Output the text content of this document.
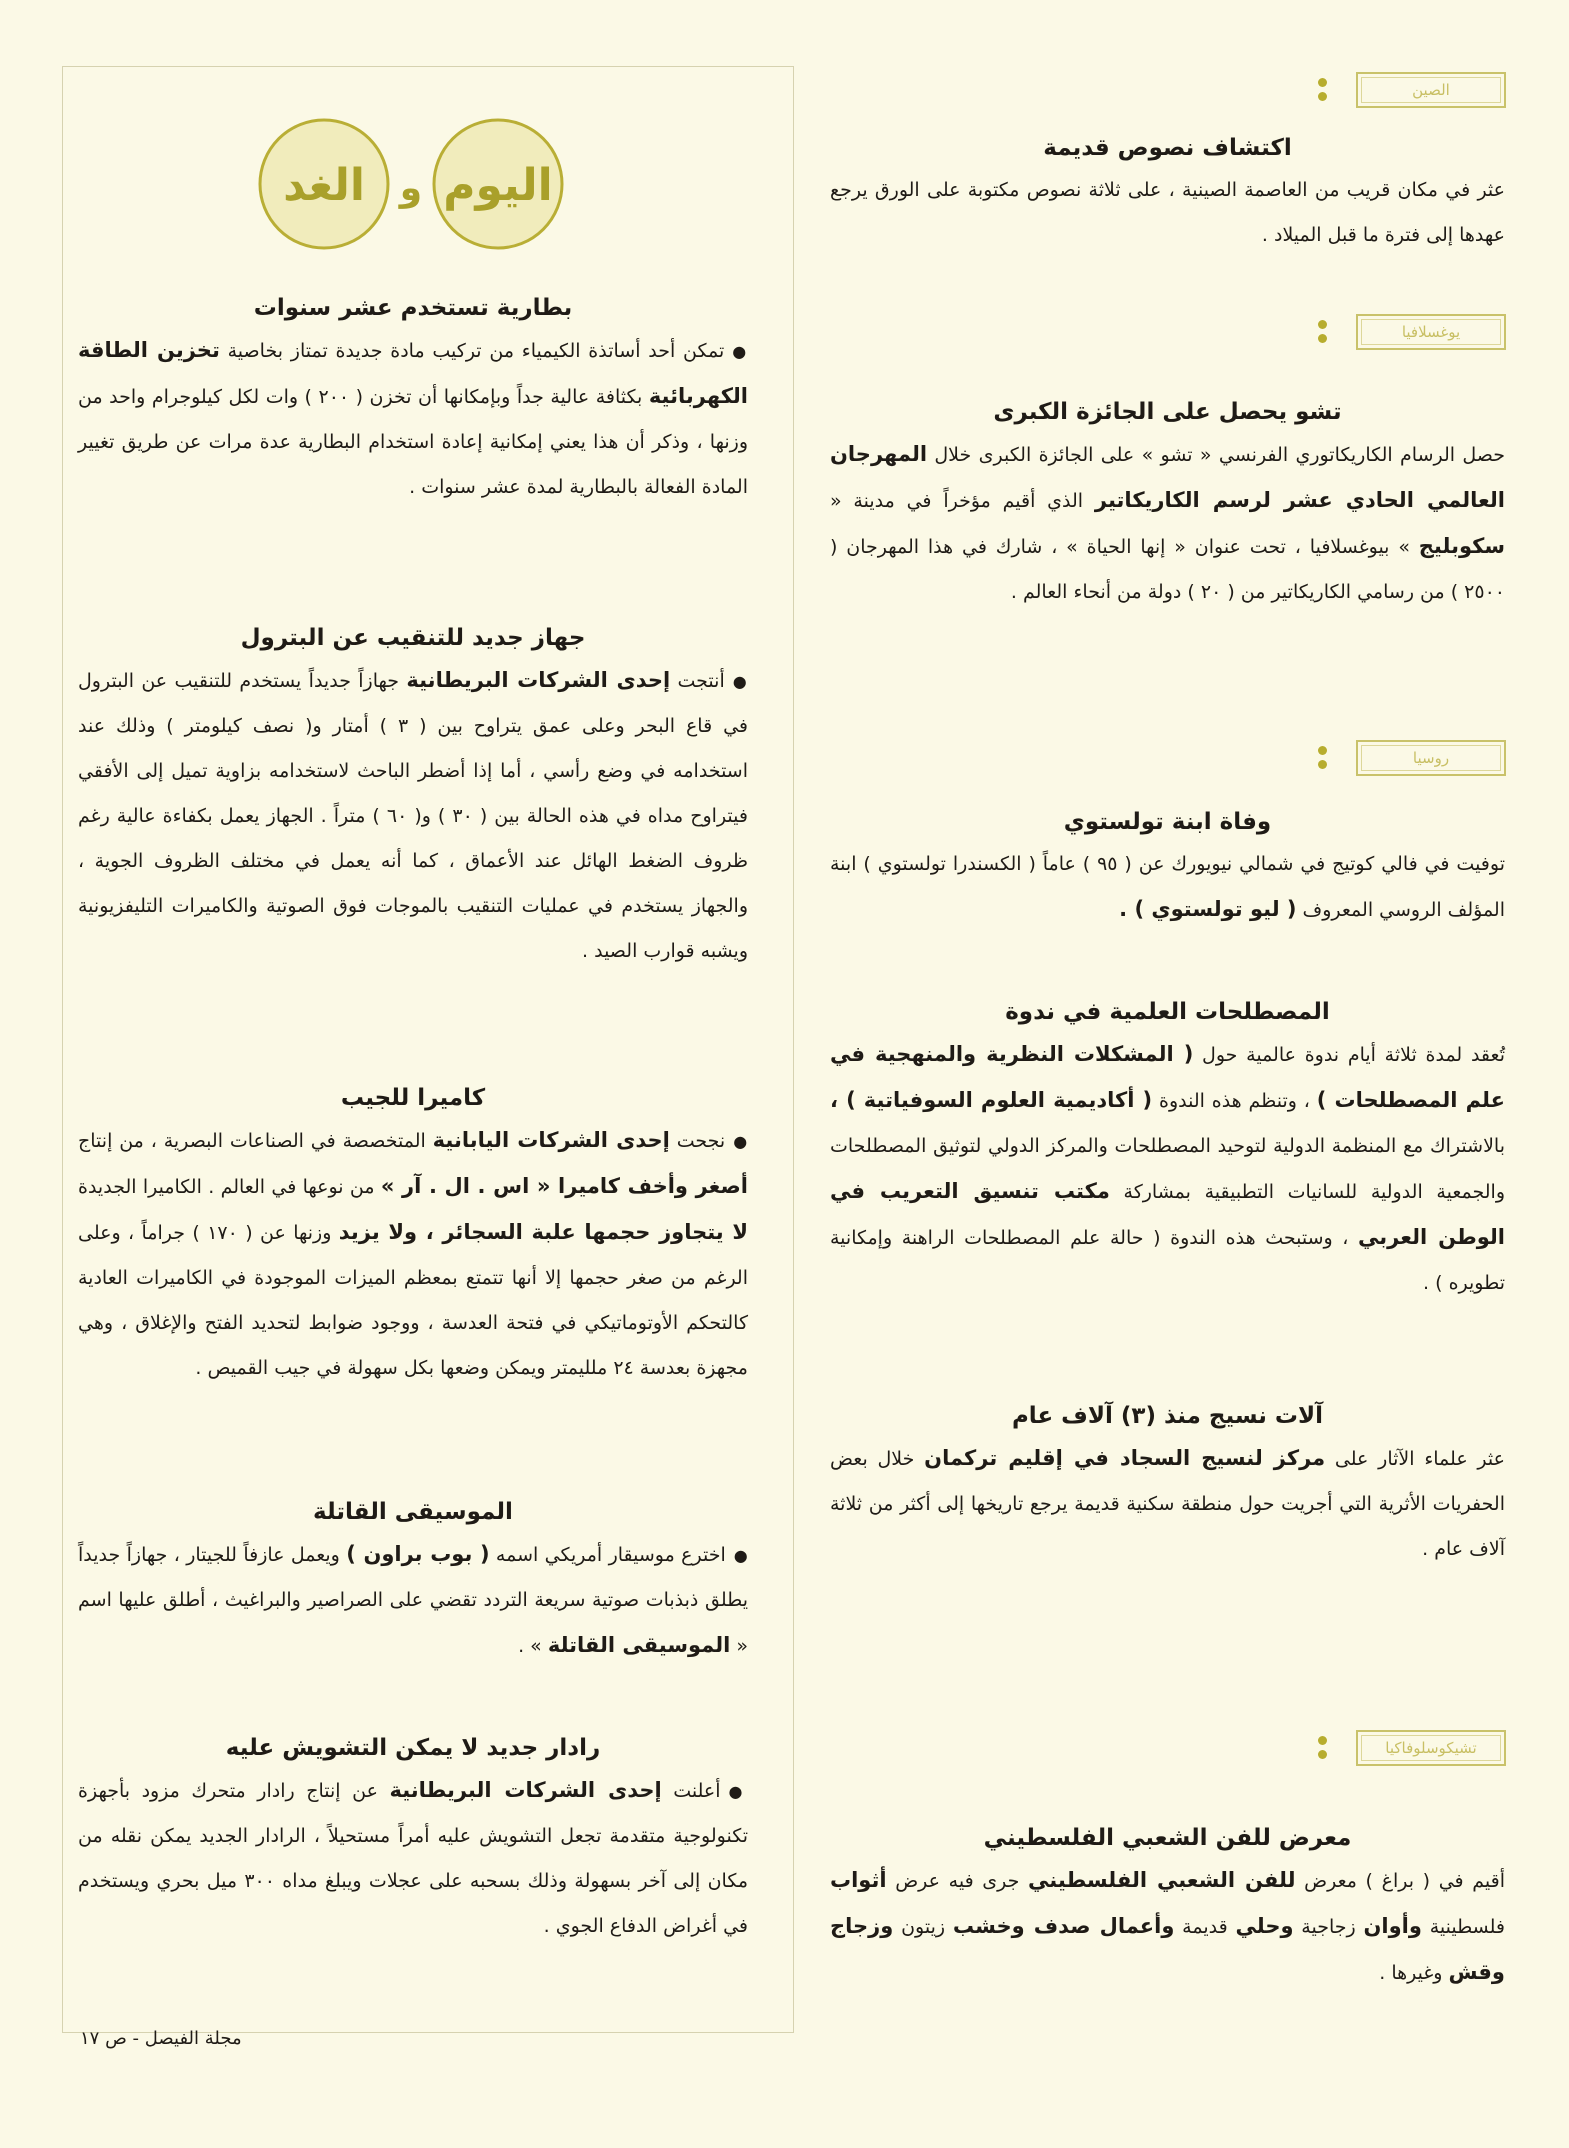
اليوم
و
الغد
الصين
يوغسلافيا
روسيا
تشيكوسلوفاكيا
اكتشاف نصوص قديمة

عثر في مكان قريب من العاصمة الصينية ، على ثلاثة نصوص مكتوبة على الورق يرجع عهدها إلى فترة ما قبل الميلاد .

تشو يحصل على الجائزة الكبرى

حصل الرسام الكاريكاتوري الفرنسي « تشو » على الجائزة الكبرى خلال المهرجان العالمي الحادي عشر لرسم الكاريكاتير الذي أقيم مؤخراً في مدينة « سكوبليج » بيوغسلافيا ، تحت عنوان « إنها الحياة » ، شارك في هذا المهرجان ( ٢٥٠٠ ) من رسامي الكاريكاتير من ( ٢٠ ) دولة من أنحاء العالم .

وفاة ابنة تولستوي

توفيت في فالي كوتيج في شمالي نيويورك عن ( ٩٥ ) عاماً ( الكسندرا تولستوي ) ابنة المؤلف الروسي المعروف ( ليو تولستوي ) .

المصطلحات العلمية في ندوة

تُعقد لمدة ثلاثة أيام ندوة عالمية حول ( المشكلات النظرية والمنهجية في علم المصطلحات ) ، وتنظم هذه الندوة ( أكاديمية العلوم السوفياتية ) ، بالاشتراك مع المنظمة الدولية لتوحيد المصطلحات والمركز الدولي لتوثيق المصطلحات والجمعية الدولية للسانيات التطبيقية بمشاركة مكتب تنسيق التعريب في الوطن العربي ، وستبحث هذه الندوة ( حالة علم المصطلحات الراهنة وإمكانية تطويره ) .

آلات نسيج منذ (٣) آلاف عام

عثر علماء الآثار على مركز لنسيج السجاد في إقليم تركمان خلال بعض الحفريات الأثرية التي أجريت حول منطقة سكنية قديمة يرجع تاريخها إلى أكثر من ثلاثة آلاف عام .

معرض للفن الشعبي الفلسطيني

أقيم في ( براغ ) معرض للفن الشعبي الفلسطيني جرى فيه عرض أثواب فلسطينية وأوان زجاجية وحلي قديمة وأعمال صدف وخشب زيتون وزجاج وقش وغيرها .

بطارية تستخدم عشر سنوات

● تمكن أحد أساتذة الكيمياء من تركيب مادة جديدة تمتاز بخاصية تخزين الطاقة الكهربائية بكثافة عالية جداً وبإمكانها أن تخزن ( ٢٠٠ ) وات لكل كيلوجرام واحد من وزنها ، وذكر أن هذا يعني إمكانية إعادة استخدام البطارية عدة مرات عن طريق تغيير المادة الفعالة بالبطارية لمدة عشر سنوات .

جهاز جديد للتنقيب عن البترول

● أنتجت إحدى الشركات البريطانية جهازاً جديداً يستخدم للتنقيب عن البترول في قاع البحر وعلى عمق يتراوح بين ( ٣ ) أمتار و( نصف كيلومتر ) وذلك عند استخدامه في وضع رأسي ، أما إذا أضطر الباحث لاستخدامه بزاوية تميل إلى الأفقي فيتراوح مداه في هذه الحالة بين ( ٣٠ ) و( ٦٠ ) متراً . الجهاز يعمل بكفاءة عالية رغم ظروف الضغط الهائل عند الأعماق ، كما أنه يعمل في مختلف الظروف الجوية ، والجهاز يستخدم في عمليات التنقيب بالموجات فوق الصوتية والكاميرات التليفزيونية ويشبه قوارب الصيد .

كاميرا للجيب

● نجحت إحدى الشركات اليابانية المتخصصة في الصناعات البصرية ، من إنتاج أصغر وأخف كاميرا « اس . ال . آر » من نوعها في العالم . الكاميرا الجديدة لا يتجاوز حجمها علبة السجائر ، ولا يزيد وزنها عن ( ١٧٠ ) جراماً ، وعلى الرغم من صغر حجمها إلا أنها تتمتع بمعظم الميزات الموجودة في الكاميرات العادية كالتحكم الأوتوماتيكي في فتحة العدسة ، ووجود ضوابط لتحديد الفتح والإغلاق ، وهي مجهزة بعدسة ٢٤ ملليمتر ويمكن وضعها بكل سهولة في جيب القميص .

الموسيقى القاتلة

● اخترع موسيقار أمريكي اسمه ( بوب براون ) ويعمل عازفاً للجيتار ، جهازاً جديداً يطلق ذبذبات صوتية سريعة التردد تقضي على الصراصير والبراغيث ، أطلق عليها اسم « الموسيقى القاتلة » .

رادار جديد لا يمكن التشويش عليه

● أعلنت إحدى الشركات البريطانية عن إنتاج رادار متحرك مزود بأجهزة تكنولوجية متقدمة تجعل التشويش عليه أمراً مستحيلاً ، الرادار الجديد يمكن نقله من مكان إلى آخر بسهولة وذلك بسحبه على عجلات ويبلغ مداه ٣٠٠ ميل بحري ويستخدم في أغراض الدفاع الجوي .

مجلة الفيصل - ص ١٧
